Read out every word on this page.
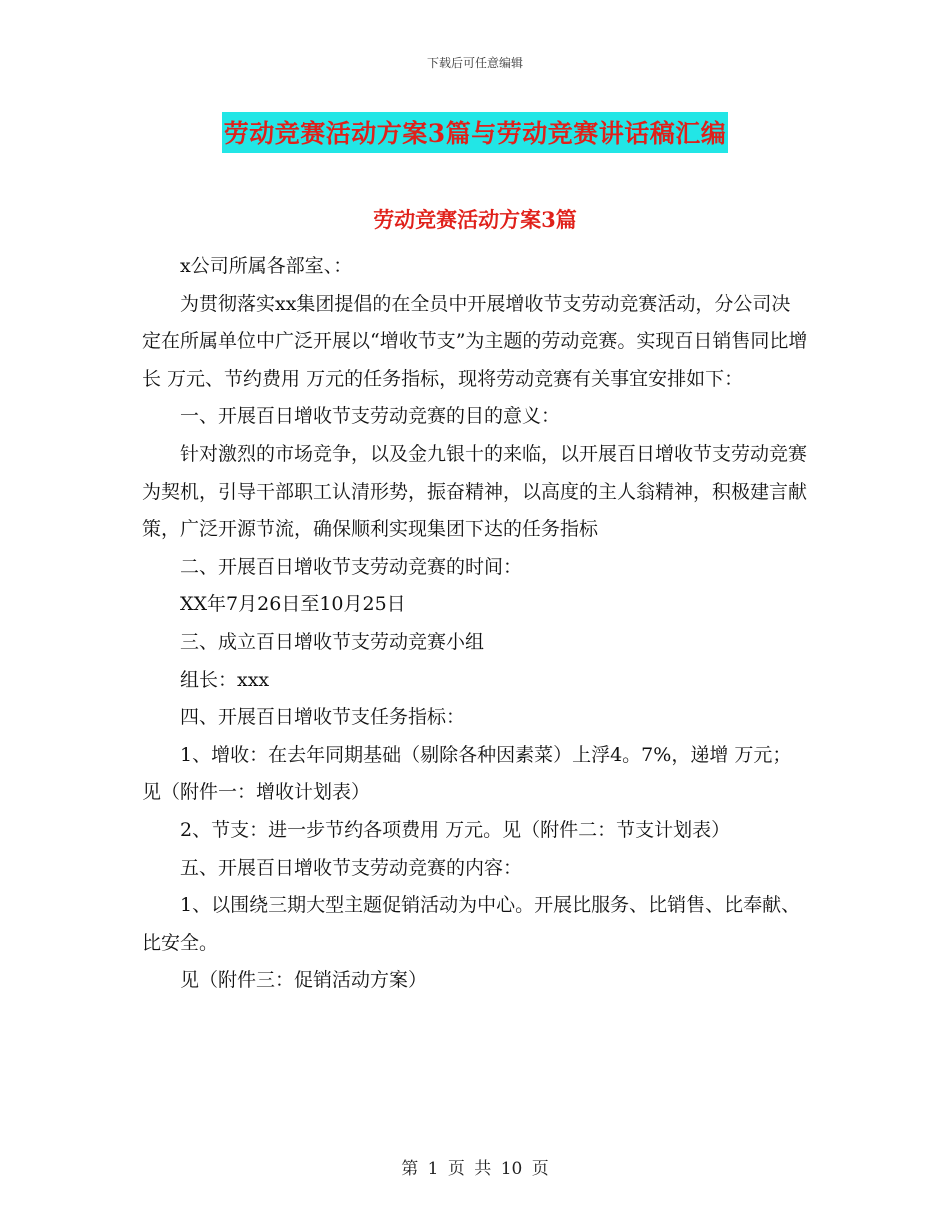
下载后可任意编辑
劳动竞赛活动方案3篇与劳动竞赛讲话稿汇编
劳动竞赛活动方案3篇

x公司所属各部室、：

为贯彻落实xx集团提倡的在全员中开展增收节支劳动竞赛活动，分公司决定在所属单位中广泛开展以“增收节支”为主题的劳动竞赛。实现百日销售同比增长 万元、节约费用 万元的任务指标，现将劳动竞赛有关事宜安排如下：

一、开展百日增收节支劳动竞赛的目的意义：

针对激烈的市场竞争，以及金九银十的来临，以开展百日增收节支劳动竞赛为契机，引导干部职工认清形势，振奋精神，以高度的主人翁精神，积极建言献策，广泛开源节流，确保顺利实现集团下达的任务指标

二、开展百日增收节支劳动竞赛的时间：

XX年7月26日至10月25日

三、成立百日增收节支劳动竞赛小组

组长：xxx

四、开展百日增收节支任务指标：

1、增收：在去年同期基础（剔除各种因素菜）上浮4。7%，递增 万元；见（附件一：增收计划表）

2、节支：进一步节约各项费用 万元。见（附件二：节支计划表）

五、开展百日增收节支劳动竞赛的内容：

1、以围绕三期大型主题促销活动为中心。开展比服务、比销售、比奉献、比安全。

见（附件三：促销活动方案）

第 1 页 共 10 页
